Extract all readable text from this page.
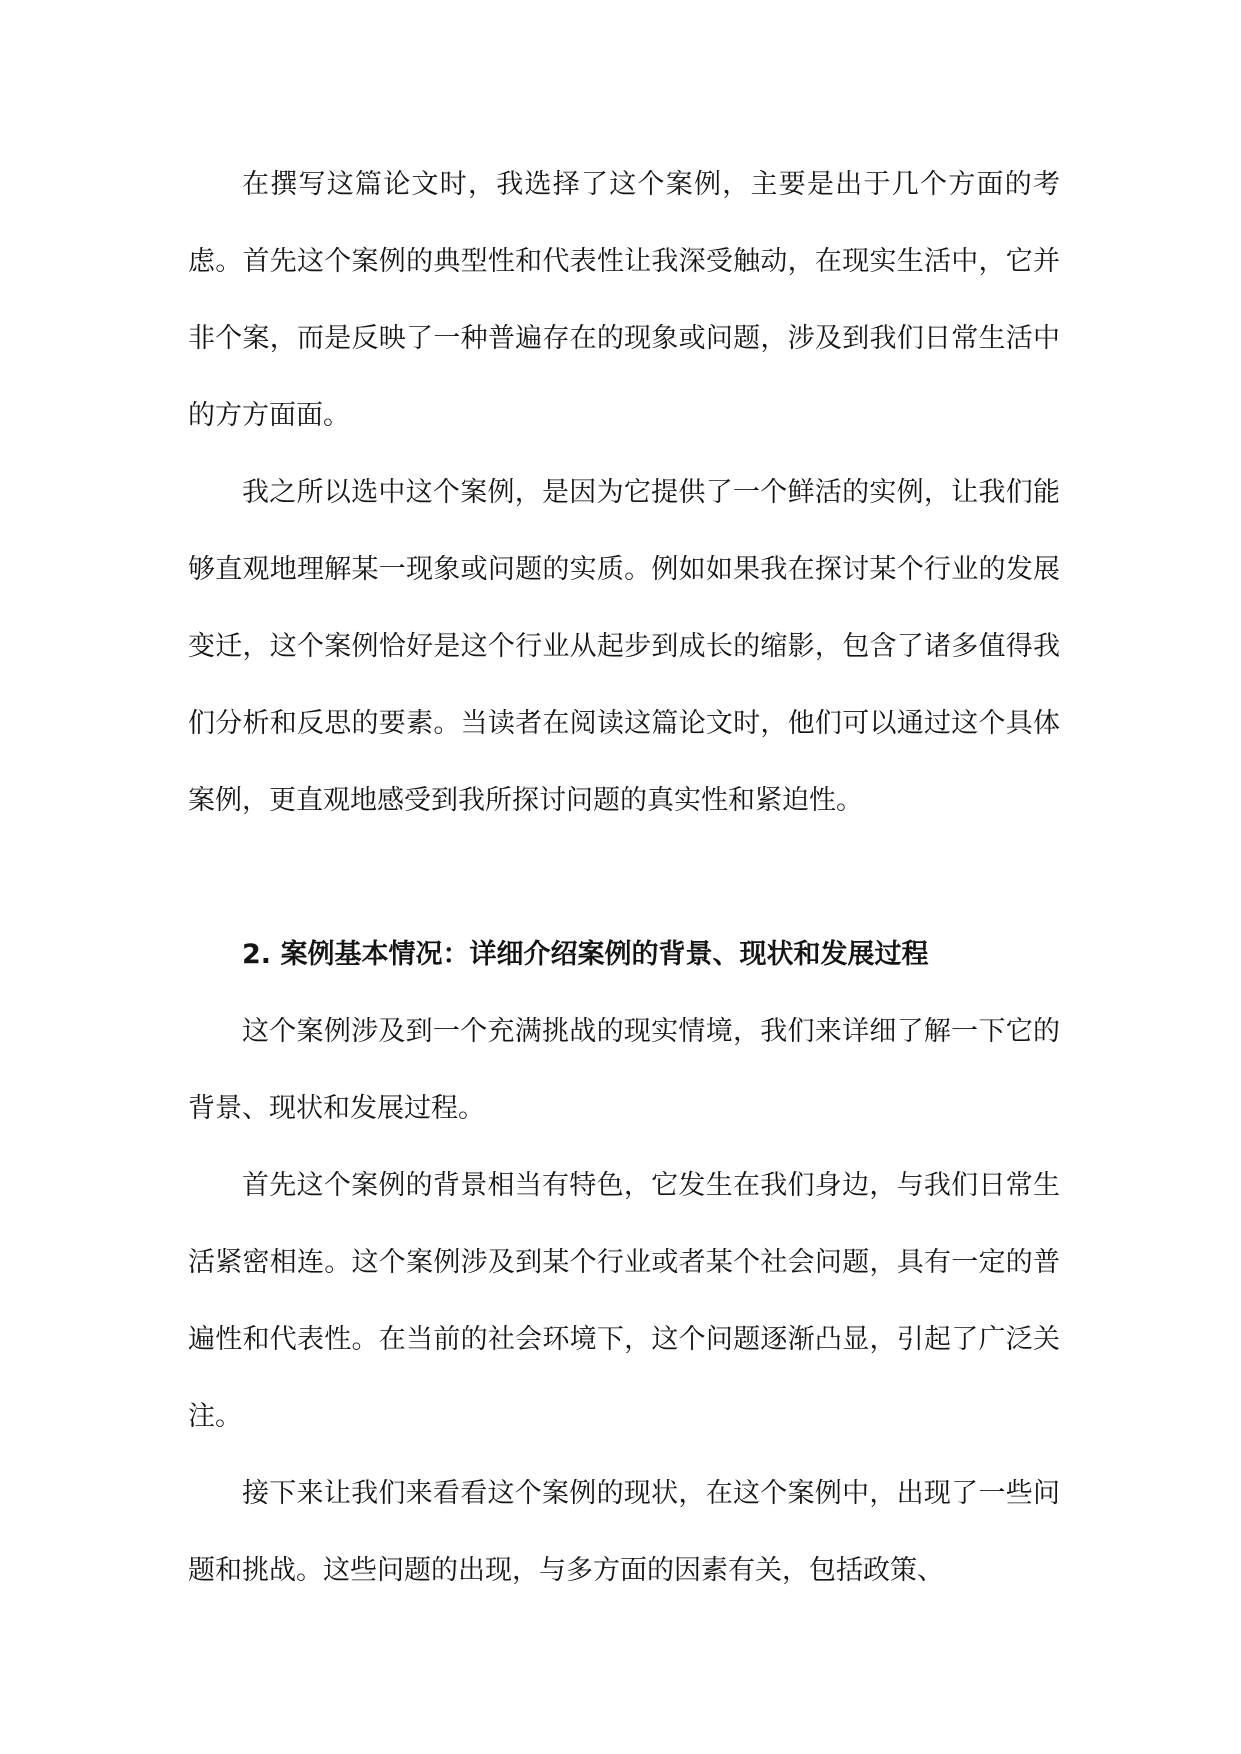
在撰写这篇论文时，我选择了这个案例，主要是出于几个方面的考虑。首先这个案例的典型性和代表性让我深受触动，在现实生活中，它并非个案，而是反映了一种普遍存在的现象或问题，涉及到我们日常生活中的方方面面。

我之所以选中这个案例，是因为它提供了一个鲜活的实例，让我们能够直观地理解某一现象或问题的实质。例如如果我在探讨某个行业的发展变迁，这个案例恰好是这个行业从起步到成长的缩影，包含了诸多值得我们分析和反思的要素。当读者在阅读这篇论文时，他们可以通过这个具体案例，更直观地感受到我所探讨问题的真实性和紧迫性。

2. 案例基本情况：详细介绍案例的背景、现状和发展过程

这个案例涉及到一个充满挑战的现实情境，我们来详细了解一下它的背景、现状和发展过程。

首先这个案例的背景相当有特色，它发生在我们身边，与我们日常生活紧密相连。这个案例涉及到某个行业或者某个社会问题，具有一定的普遍性和代表性。在当前的社会环境下，这个问题逐渐凸显，引起了广泛关注。

接下来让我们来看看这个案例的现状，在这个案例中，出现了一些问题和挑战。这些问题的出现，与多方面的因素有关，包括政策、
